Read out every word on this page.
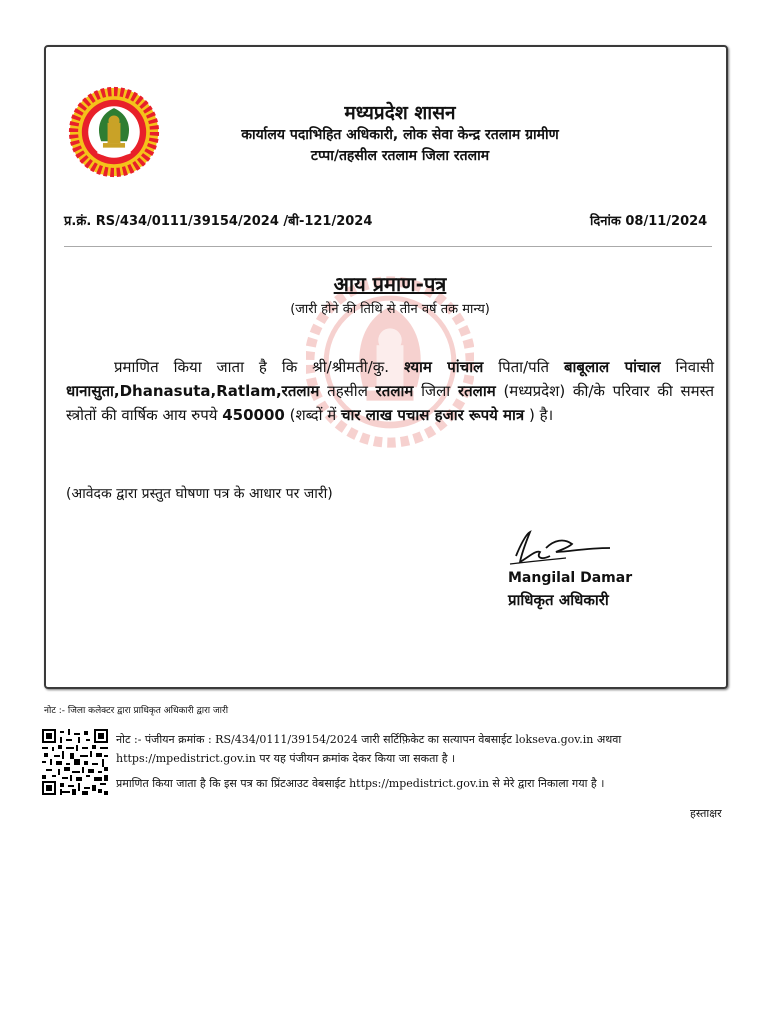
मध्यप्रदेश शासन
कार्यालय पदाभिहित अधिकारी, लोक सेवा केन्द्र रतलाम ग्रामीण
टप्पा/तहसील रतलाम जिला रतलाम
प्र.क्रं. RS/434/0111/39154/2024 /बी-121/2024	दिनांक 08/11/2024
आय प्रमाण-पत्र
(जारी होने की तिथि से तीन वर्ष तक मान्य)
प्रमाणित किया जाता है कि श्री/श्रीमती/कु. श्याम पांचाल पिता/पति बाबूलाल पांचाल निवासी धानासुता,Dhanasuta,Ratlam,रतलाम तहसील रतलाम जिला रतलाम (मध्यप्रदेश) की/के परिवार की समस्त स्त्रोतों की वार्षिक आय रुपये 450000 (शब्दों में चार लाख पचास हजार रूपये मात्र ) है।
(आवेदक द्वारा प्रस्तुत घोषणा पत्र के आधार पर जारी)
Mangilal Damar
प्राधिकृत अधिकारी
नोट :- जिला कलेक्टर द्वारा प्राधिकृत अधिकारी द्वारा जारी
नोट :- पंजीयन क्रमांक : RS/434/0111/39154/2024 जारी सर्टिफ़िकेट का सत्यापन वेबसाईट lokseva.gov.in अथवा https://mpedistrict.gov.in पर यह पंजीयन क्रमांक देकर किया जा सकता है ।
प्रमाणित किया जाता है कि इस पत्र का प्रिंटआउट वेबसाईट https://mpedistrict.gov.in से मेरे द्वारा निकाला गया है ।
हस्ताक्षर
